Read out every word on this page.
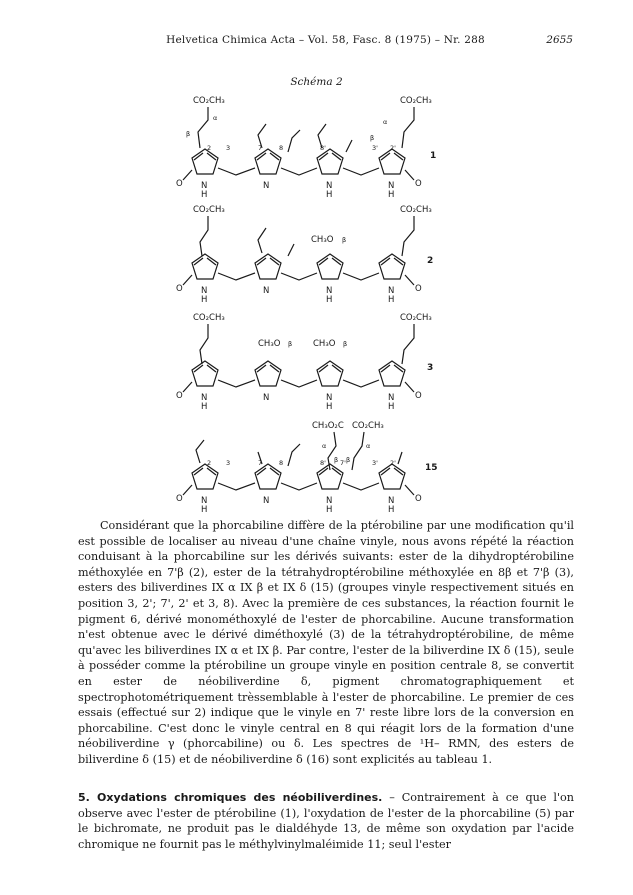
Helvetica Chimica Acta – Vol. 58, Fasc. 8 (1975) – Nr. 288	2655
Schéma 2
CO₂CH₃	CO₂CH₃
α
β
α
β
O	O
N
H
N	N
H
N
H
2 3	7	8	8'	3' 2'
1
CO₂CH₃	CO₂CH₃
CH₃O β
O	O
N
H
N	N
H
N
H
2
CO₂CH₃	CO₂CH₃
CH₃O β CH₃O β
O	O
N
H
N	N
H
N
H
3
CH₃O₂C CO₂CH₃
α	α
β β
O	O
N
H
N	N
H
N
H
2 3	7	8	8' 7'	3' 2'	15
Considérant que la phorcabiline diffère de la ptérobiline par une modification qu'il est possible de localiser au niveau d'une chaîne vinyle, nous avons répété la réaction conduisant à la phorcabiline sur les dérivés suivants: ester de la dihydroptérobiline méthoxylée en 7'β (2), ester de la tétrahydroptérobiline méthoxylée en 8β et 7'β (3), esters des biliverdines IX α IX β et IX δ (15) (groupes vinyle respectivement situés en position 3, 2'; 7', 2' et 3, 8). Avec la première de ces substances, la réaction fournit le pigment 6, dérivé monométhoxylé de l'ester de phorcabiline. Aucune transformation n'est obtenue avec le dérivé diméthoxylé (3) de la tétrahydroptérobiline, de même qu'avec les biliverdines IX α et IX β. Par contre, l'ester de la biliverdine IX δ (15), seule à posséder comme la ptérobiline un groupe vinyle en position centrale 8, se convertit en ester de néobiliverdine δ, pigment chromatographiquement et spectrophotométriquement trèssemblable à l'ester de phorcabiline. Le premier de ces essais (effectué sur 2) indique que le vinyle en 7' reste libre lors de la conversion en phorcabiline. C'est donc le vinyle central en 8 qui réagit lors de la formation d'une néobiliverdine γ (phorcabiline) ou δ. Les spectres de ¹H– RMN, des esters de biliverdine δ (15) et de néobiliverdine δ (16) sont explicités au tableau 1.
5. Oxydations chromiques des néobiliverdines. – Contrairement à ce que l'on observe avec l'ester de ptérobiline (1), l'oxydation de l'ester de la phorcabiline (5) par le bichromate, ne produit pas le dialdéhyde 13, de même son oxydation par l'acide chromique ne fournit pas le méthylvinylmaléimide 11; seul l'ester
